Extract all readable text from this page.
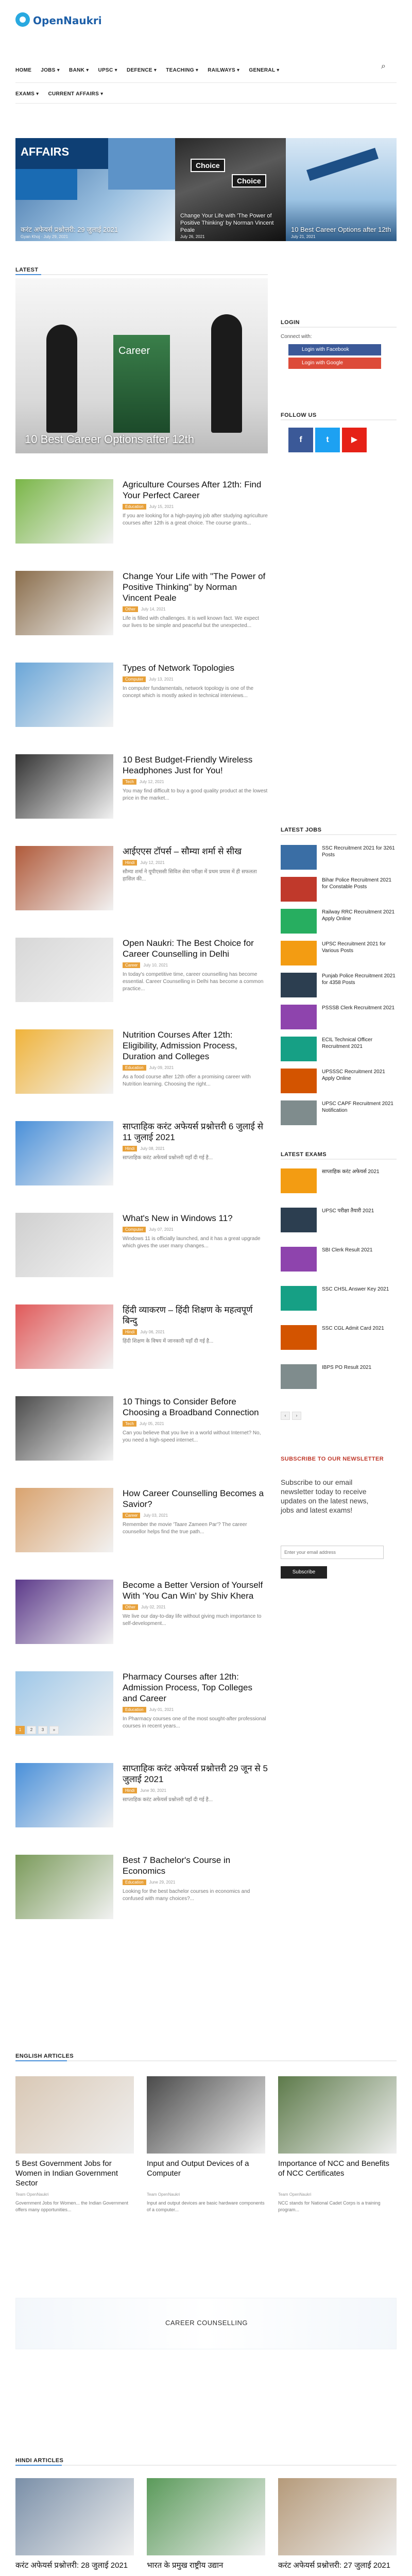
OpenNaukri
HOME JOBS ▾ BANK ▾ UPSC ▾ DEFENCE ▾ TEACHING ▾ RAILWAYS ▾ GENERAL ▾	⌕
EXAMS ▾ CURRENT AFFAIRS ▾
AFFAIRS
करंट अफेयर्स प्रश्नोत्तरी: 29 जुलाई 2021
Gyan Khoj · July 29, 2021
Choice
Choice
Change Your Life with 'The Power of Positive Thinking' by Norman Vincent Peale
July 26, 2021
10 Best Career Options after 12th
July 21, 2021
LATEST
Career
10 Best Career Options after 12th
Agriculture Courses After 12th: Find Your Perfect Career
Education	July 15, 2021
If you are looking for a high-paying job after studying agriculture courses after 12th is a great choice. The course grants...
Change Your Life with "The Power of Positive Thinking" by Norman Vincent Peale
Other	July 14, 2021
Life is filled with challenges. It is well known fact. We expect our lives to be simple and peaceful but the unexpected...
Types of Network Topologies
Computer	July 13, 2021
In computer fundamentals, network topology is one of the concept which is mostly asked in technical interviews...
10 Best Budget-Friendly Wireless Headphones Just for You!
Tech	July 12, 2021
You may find difficult to buy a good quality product at the lowest price in the market...
आईएएस टॉपर्स – सौम्या शर्मा से सीख
Hindi	July 12, 2021
सौम्या शर्मा ने यूपीएससी सिविल सेवा परीक्षा में प्रथम प्रयास में ही सफलता हासिल की...
Open Naukri: The Best Choice for Career Counselling in Delhi
Career	July 10, 2021
In today's competitive time, career counselling has become essential. Career Counselling in Delhi has become a common practice...
Nutrition Courses After 12th: Eligibility, Admission Process, Duration and Colleges
Education	July 09, 2021
As a food course after 12th offer a promising career with Nutrition learning. Choosing the right...
साप्ताहिक करंट अफेयर्स प्रश्नोत्तरी 6 जुलाई से 11 जुलाई 2021
Hindi	July 08, 2021
साप्ताहिक करंट अफेयर्स प्रश्नोत्तरी यहाँ दी गई है...
What's New in Windows 11?
Computer	July 07, 2021
Windows 11 is officially launched, and it has a great upgrade which gives the user many changes...
हिंदी व्याकरण – हिंदी शिक्षण के महत्वपूर्ण बिन्दु
Hindi	July 06, 2021
हिंदी शिक्षण के विषय में जानकारी यहाँ दी गई है...
10 Things to Consider Before Choosing a Broadband Connection
Tech	July 05, 2021
Can you believe that you live in a world without Internet? No, you need a high-speed internet...
How Career Counselling Becomes a Savior?
Career	July 03, 2021
Remember the movie 'Taare Zameen Par'? The career counsellor helps find the true path...
Become a Better Version of Yourself With 'You Can Win' by Shiv Khera
Other	July 02, 2021
We live our day-to-day life without giving much importance to self-development...
Pharmacy Courses after 12th: Admission Process, Top Colleges and Career
Education	July 01, 2021
In Pharmacy courses one of the most sought-after professional courses in recent years...
साप्ताहिक करंट अफेयर्स प्रश्नोत्तरी 29 जून से 5 जुलाई 2021
Hindi	June 30, 2021
साप्ताहिक करंट अफेयर्स प्रश्नोत्तरी यहाँ दी गई है...
Best 7 Bachelor's Course in Economics
Education	June 29, 2021
Looking for the best bachelor courses in economics and confused with many choices?...
1	2	3	»
LOGIN
Connect with:
Login with Facebook
Login with Google
FOLLOW US
f	t	▶
LATEST JOBS
SSC Recruitment 2021 for 3261 Posts
Bihar Police Recruitment 2021 for Constable Posts
Railway RRC Recruitment 2021 Apply Online
UPSC Recruitment 2021 for Various Posts
Punjab Police Recruitment 2021 for 4358 Posts
PSSSB Clerk Recruitment 2021
ECIL Technical Officer Recruitment 2021
UPSSSC Recruitment 2021 Apply Online
UPSC CAPF Recruitment 2021 Notification
LATEST EXAMS
साप्ताहिक करंट अफेयर्स 2021
UPSC परीक्षा तैयारी 2021
SBI Clerk Result 2021
SSC CHSL Answer Key 2021
SSC CGL Admit Card 2021
IBPS PO Result 2021
‹	›
SUBSCRIBE TO OUR NEWSLETTER
Subscribe to our email newsletter today to receive updates on the latest news, jobs and latest exams!
Enter your email address
Subscribe
ENGLISH ARTICLES
5 Best Government Jobs for Women in Indian Government Sector
Team OpenNaukri
Government Jobs for Women... the Indian Government offers many opportunities...
Input and Output Devices of a Computer
Team OpenNaukri
Input and output devices are basic hardware components of a computer...
Importance of NCC and Benefits of NCC Certificates
Team OpenNaukri
NCC stands for National Cadet Corps is a training program...
CAREER COUNSELLING
HINDI ARTICLES
करंट अफेयर्स प्रश्नोत्तरी: 28 जुलाई 2021	भारत के प्रमुख राष्ट्रीय उद्यान	करंट अफेयर्स प्रश्नोत्तरी: 27 जुलाई 2021
